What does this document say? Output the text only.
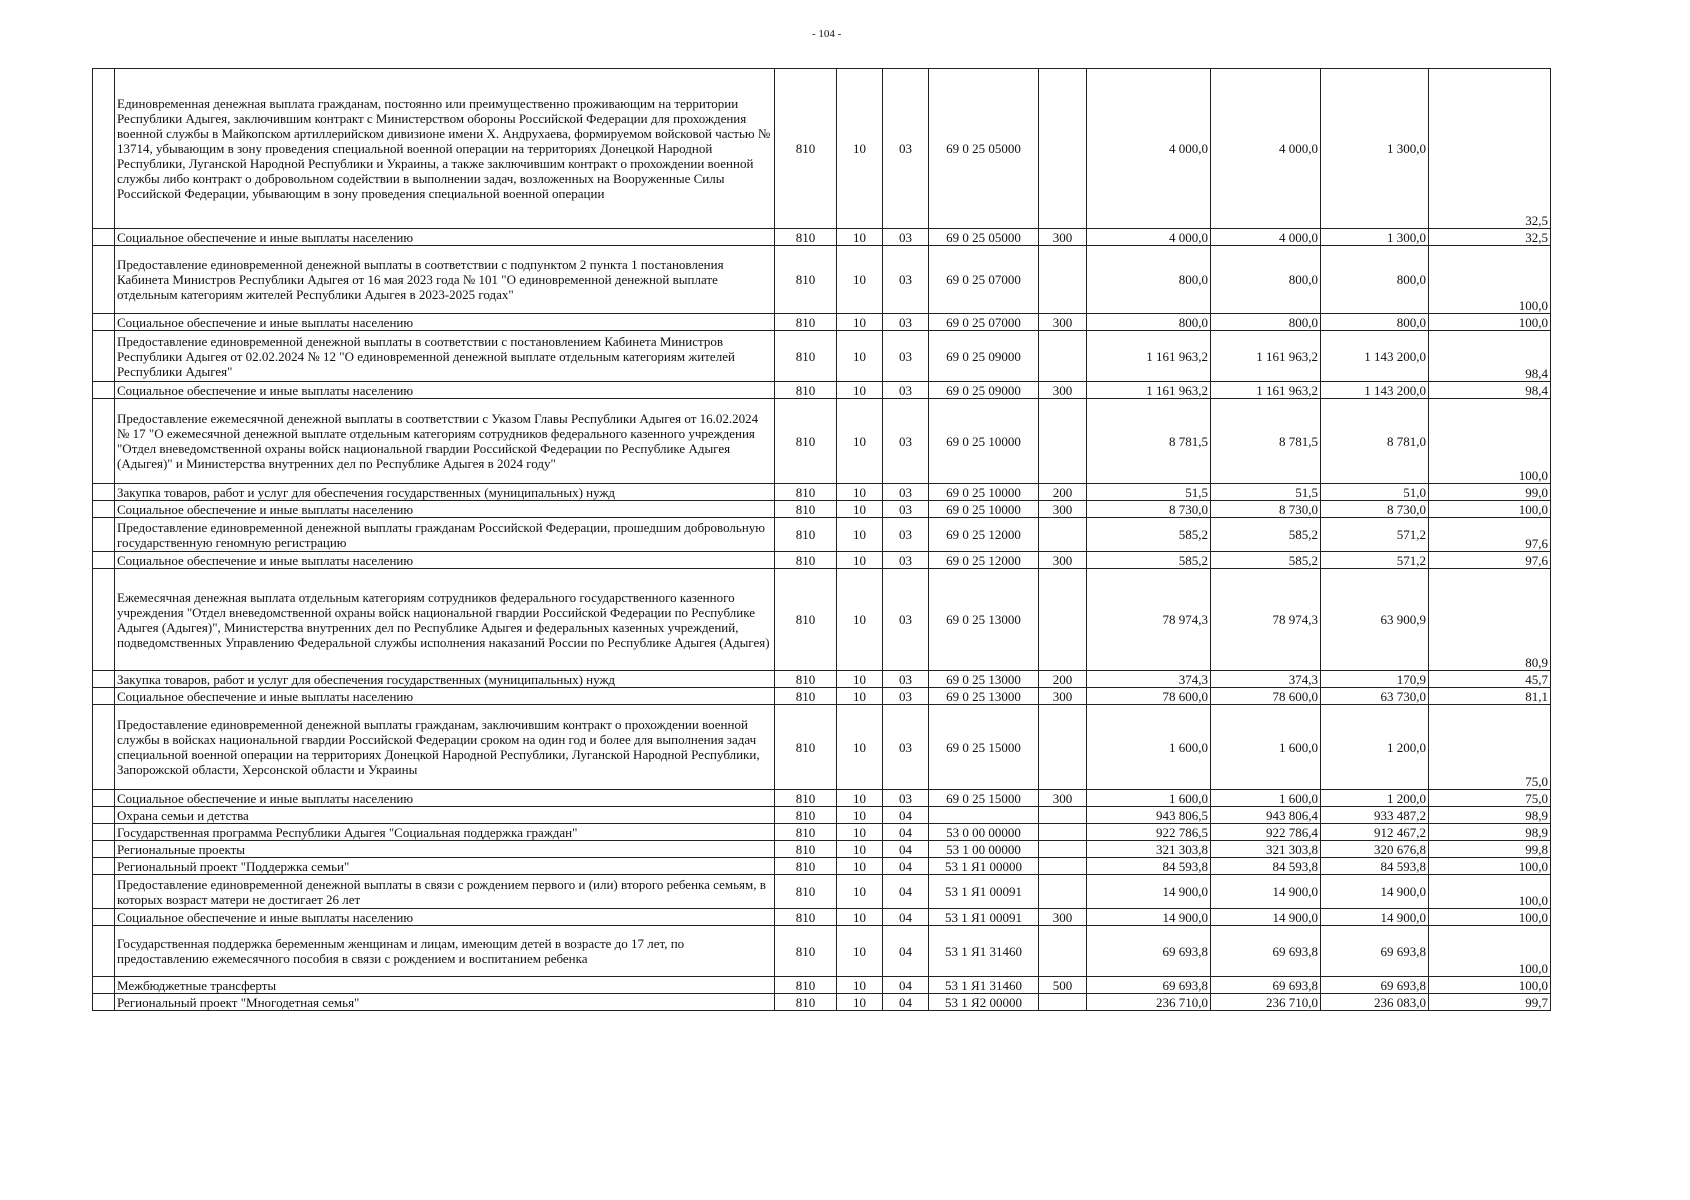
- 104 -
	Единовременная денежная выплата гражданам, постоянно или преимущественно проживающим на территории Республики Адыгея, заключившим контракт с Министерством обороны Российской Федерации для прохождения военной службы в Майкопском артиллерийском дивизионе имени Х. Андрухаева, формируемом войсковой частью № 13714, убывающим в зону проведения специальной военной операции на территориях Донецкой Народной Республики, Луганской Народной Республики и Украины, а также заключившим контракт о прохождении военной службы либо контракт о добровольном содействии в выполнении задач, возложенных на Вооруженные Силы Российской Федерации, убывающим в зону проведения специальной военной операции	810	10	03	69 0 25 05000		4 000,0	4 000,0	1 300,0	32,5
	Социальное обеспечение и иные выплаты населению	810	10	03	69 0 25 05000	300	4 000,0	4 000,0	1 300,0	32,5
	Предоставление единовременной денежной выплаты в соответствии с подпунктом 2 пункта 1 постановления Кабинета Министров Республики Адыгея от 16 мая 2023 года № 101 "О единовременной денежной выплате отдельным категориям жителей Республики Адыгея в 2023-2025 годах"	810	10	03	69 0 25 07000		800,0	800,0	800,0	100,0
	Социальное обеспечение и иные выплаты населению	810	10	03	69 0 25 07000	300	800,0	800,0	800,0	100,0
	Предоставление единовременной денежной выплаты в соответствии с постановлением Кабинета Министров Республики Адыгея от 02.02.2024 № 12 "О единовременной денежной выплате отдельным категориям жителей Республики Адыгея"	810	10	03	69 0 25 09000		1 161 963,2	1 161 963,2	1 143 200,0	98,4
	Социальное обеспечение и иные выплаты населению	810	10	03	69 0 25 09000	300	1 161 963,2	1 161 963,2	1 143 200,0	98,4
	Предоставление ежемесячной денежной выплаты в соответствии с Указом Главы Республики Адыгея от 16.02.2024 № 17 "О ежемесячной денежной выплате отдельным категориям сотрудников федерального казенного учреждения "Отдел вневедомственной охраны войск национальной гвардии Российской Федерации по Республике Адыгея (Адыгея)" и Министерства внутренних дел по Республике Адыгея в 2024 году"	810	10	03	69 0 25 10000		8 781,5	8 781,5	8 781,0	100,0
	Закупка товаров, работ и услуг для обеспечения государственных (муниципальных) нужд	810	10	03	69 0 25 10000	200	51,5	51,5	51,0	99,0
	Социальное обеспечение и иные выплаты населению	810	10	03	69 0 25 10000	300	8 730,0	8 730,0	8 730,0	100,0
	Предоставление единовременной денежной выплаты гражданам Российской Федерации, прошедшим добровольную государственную геномную регистрацию	810	10	03	69 0 25 12000		585,2	585,2	571,2	97,6
	Социальное обеспечение и иные выплаты населению	810	10	03	69 0 25 12000	300	585,2	585,2	571,2	97,6
	Ежемесячная денежная выплата отдельным категориям сотрудников федерального государственного казенного учреждения "Отдел вневедомственной охраны войск национальной гвардии Российской Федерации по Республике Адыгея (Адыгея)", Министерства внутренних дел по Республике Адыгея и федеральных казенных учреждений, подведомственных Управлению Федеральной службы исполнения наказаний России по Республике Адыгея (Адыгея)	810	10	03	69 0 25 13000		78 974,3	78 974,3	63 900,9	80,9
	Закупка товаров, работ и услуг для обеспечения государственных (муниципальных) нужд	810	10	03	69 0 25 13000	200	374,3	374,3	170,9	45,7
	Социальное обеспечение и иные выплаты населению	810	10	03	69 0 25 13000	300	78 600,0	78 600,0	63 730,0	81,1
	Предоставление единовременной денежной выплаты гражданам, заключившим контракт о прохождении военной службы в войсках национальной гвардии Российской Федерации сроком на один год и более для выполнения задач специальной военной операции на территориях Донецкой Народной Республики, Луганской Народной Республики, Запорожской области, Херсонской области и Украины	810	10	03	69 0 25 15000		1 600,0	1 600,0	1 200,0	75,0
	Социальное обеспечение и иные выплаты населению	810	10	03	69 0 25 15000	300	1 600,0	1 600,0	1 200,0	75,0
	Охрана семьи и детства	810	10	04			943 806,5	943 806,4	933 487,2	98,9
	Государственная программа Республики Адыгея "Социальная поддержка граждан"	810	10	04	53 0 00 00000		922 786,5	922 786,4	912 467,2	98,9
	Региональные проекты	810	10	04	53 1 00 00000		321 303,8	321 303,8	320 676,8	99,8
	Региональный проект "Поддержка семьи"	810	10	04	53 1 Я1 00000		84 593,8	84 593,8	84 593,8	100,0
	Предоставление единовременной денежной выплаты в связи с рождением первого и (или) второго ребенка семьям, в которых возраст матери не достигает 26 лет	810	10	04	53 1 Я1 00091		14 900,0	14 900,0	14 900,0	100,0
	Социальное обеспечение и иные выплаты населению	810	10	04	53 1 Я1 00091	300	14 900,0	14 900,0	14 900,0	100,0
	Государственная поддержка беременным женщинам и лицам, имеющим детей в возрасте до 17 лет, по предоставлению ежемесячного пособия в связи с рождением и воспитанием ребенка	810	10	04	53 1 Я1 31460		69 693,8	69 693,8	69 693,8	100,0
	Межбюджетные трансферты	810	10	04	53 1 Я1 31460	500	69 693,8	69 693,8	69 693,8	100,0
	Региональный проект "Многодетная семья"	810	10	04	53 1 Я2 00000		236 710,0	236 710,0	236 083,0	99,7
